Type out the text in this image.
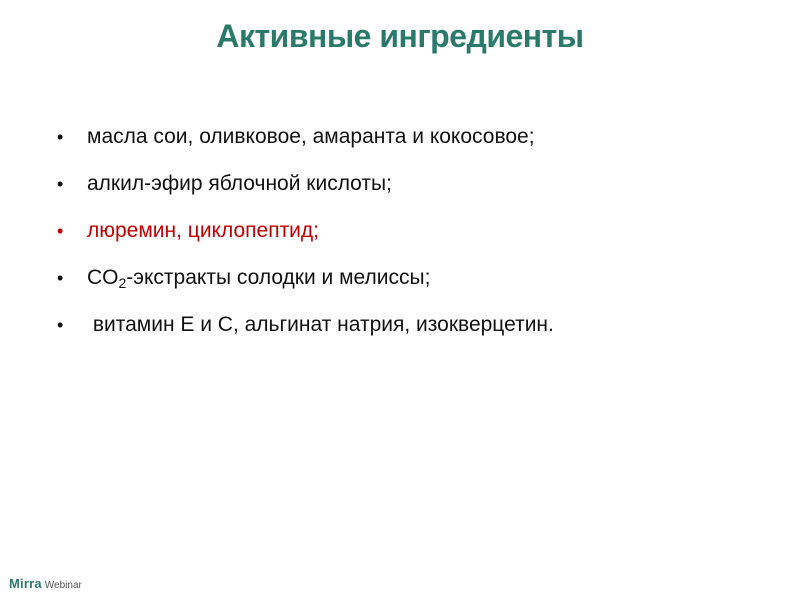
Активные ингредиенты
• масла сои, оливковое, амаранта и кокосовое;
• алкил-эфир яблочной кислоты;
• люремин, циклопептид;
• $CO_2$-экстракты солодки и мелиссы;
• витамин Е и С, альгинат натрия, изокверцетин.
Mirra Webinar
